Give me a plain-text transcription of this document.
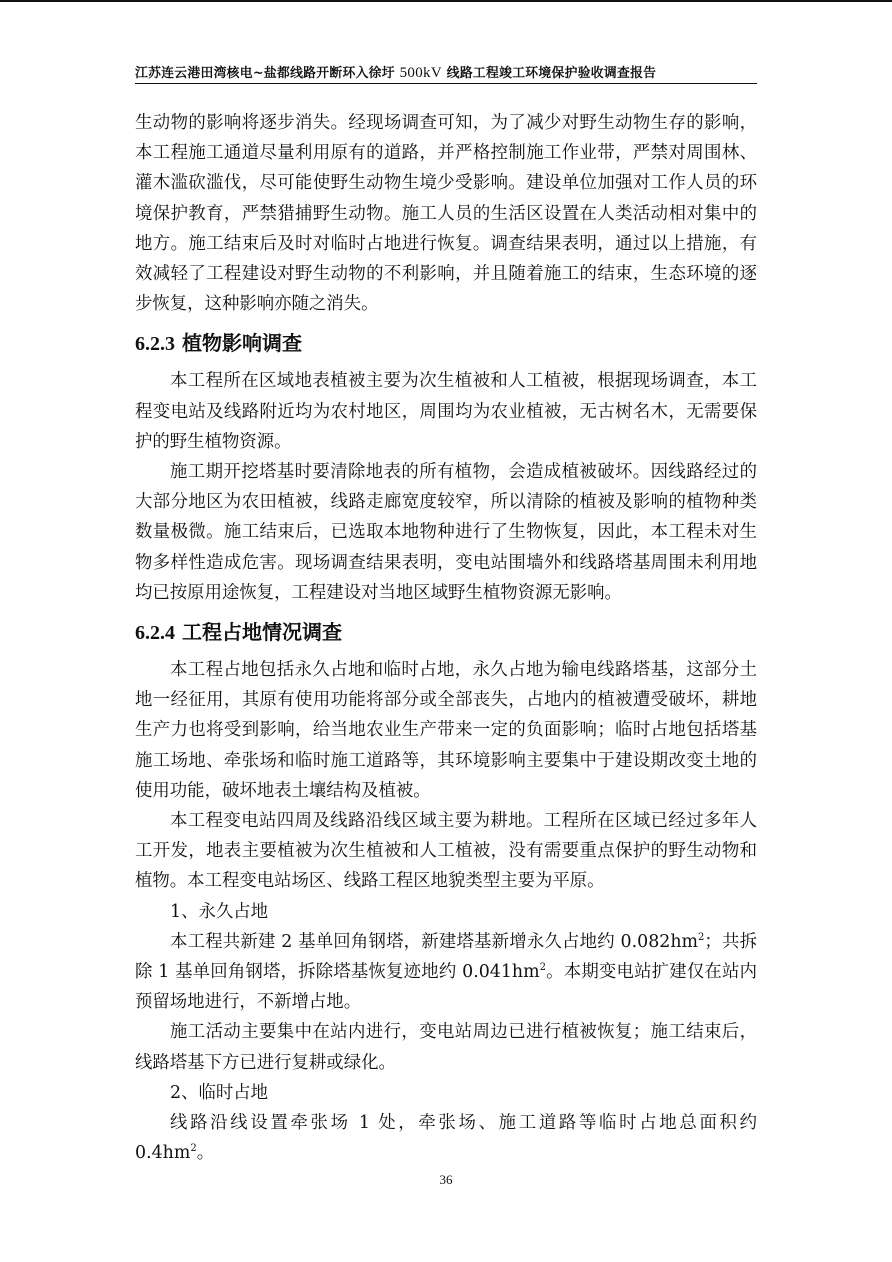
江苏连云港田湾核电~盐都线路开断环入徐圩 500kV 线路工程竣工环境保护验收调查报告

生动物的影响将逐步消失。经现场调查可知，为了减少对野生动物生存的影响，本工程施工通道尽量利用原有的道路，并严格控制施工作业带，严禁对周围林、灌木滥砍滥伐，尽可能使野生动物生境少受影响。建设单位加强对工作人员的环境保护教育，严禁猎捕野生动物。施工人员的生活区设置在人类活动相对集中的地方。施工结束后及时对临时占地进行恢复。调查结果表明，通过以上措施，有效减轻了工程建设对野生动物的不利影响，并且随着施工的结束，生态环境的逐步恢复，这种影响亦随之消失。

6.2.3 植物影响调查

本工程所在区域地表植被主要为次生植被和人工植被，根据现场调查，本工程变电站及线路附近均为农村地区，周围均为农业植被，无古树名木，无需要保护的野生植物资源。

施工期开挖塔基时要清除地表的所有植物，会造成植被破坏。因线路经过的大部分地区为农田植被，线路走廊宽度较窄，所以清除的植被及影响的植物种类数量极微。施工结束后，已选取本地物种进行了生物恢复，因此，本工程未对生物多样性造成危害。现场调查结果表明，变电站围墙外和线路塔基周围未利用地均已按原用途恢复，工程建设对当地区域野生植物资源无影响。

6.2.4 工程占地情况调查

本工程占地包括永久占地和临时占地，永久占地为输电线路塔基，这部分土地一经征用，其原有使用功能将部分或全部丧失，占地内的植被遭受破坏，耕地生产力也将受到影响，给当地农业生产带来一定的负面影响；临时占地包括塔基施工场地、牵张场和临时施工道路等，其环境影响主要集中于建设期改变土地的使用功能，破坏地表土壤结构及植被。

本工程变电站四周及线路沿线区域主要为耕地。工程所在区域已经过多年人工开发，地表主要植被为次生植被和人工植被，没有需要重点保护的野生动物和植物。本工程变电站场区、线路工程区地貌类型主要为平原。

1、永久占地

本工程共新建 2 基单回角钢塔，新建塔基新增永久占地约 $0.082hm^2$；共拆除 1 基单回角钢塔，拆除塔基恢复迹地约 $0.041hm^2$。本期变电站扩建仅在站内预留场地进行，不新增占地。

施工活动主要集中在站内进行，变电站周边已进行植被恢复；施工结束后，线路塔基下方已进行复耕或绿化。

2、临时占地

线路沿线设置牵张场 1 处，牵张场、施工道路等临时占地总面积约 $0.4hm^2$。

36
